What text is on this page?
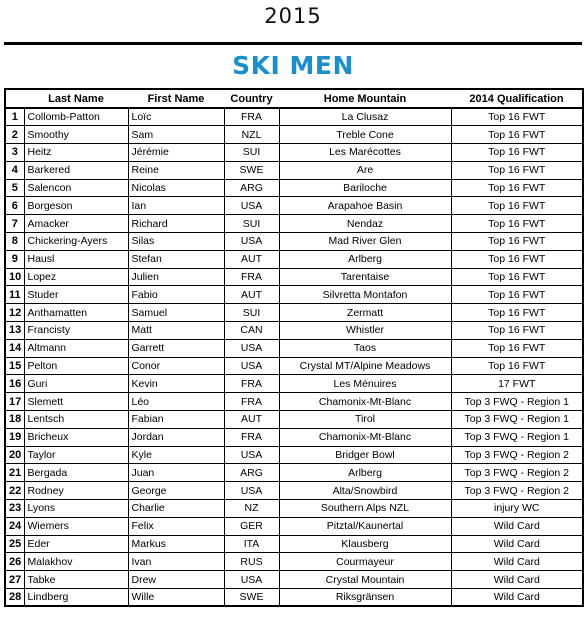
2015
SKI MEN
	Last Name	First Name	Country	Home Mountain	2014 Qualification
1	Collomb-Patton	Loïc	FRA	La Clusaz	Top 16 FWT
2	Smoothy	Sam	NZL	Treble Cone	Top 16 FWT
3	Heitz	Jérémie	SUI	Les Marécottes	Top 16 FWT
4	Barkered	Reine	SWE	Are	Top 16 FWT
5	Salencon	Nicolas	ARG	Bariloche	Top 16 FWT
6	Borgeson	Ian	USA	Arapahoe Basin	Top 16 FWT
7	Amacker	Richard	SUI	Nendaz	Top 16 FWT
8	Chickering-Ayers	Silas	USA	Mad River Glen	Top 16 FWT
9	Hausl	Stefan	AUT	Arlberg	Top 16 FWT
10	Lopez	Julien	FRA	Tarentaise	Top 16 FWT
11	Studer	Fabio	AUT	Silvretta Montafon	Top 16 FWT
12	Anthamatten	Samuel	SUI	Zermatt	Top 16 FWT
13	Francisty	Matt	CAN	Whistler	Top 16 FWT
14	Altmann	Garrett	USA	Taos	Top 16 FWT
15	Pelton	Conor	USA	Crystal MT/Alpine Meadows	Top 16 FWT
16	Guri	Kevin	FRA	Les Ménuires	17 FWT
17	Slemett	Léo	FRA	Chamonix-Mt-Blanc	Top 3 FWQ - Region 1
18	Lentsch	Fabian	AUT	Tirol	Top 3 FWQ - Region 1
19	Bricheux	Jordan	FRA	Chamonix-Mt-Blanc	Top 3 FWQ - Region 1
20	Taylor	Kyle	USA	Bridger Bowl	Top 3 FWQ - Region 2
21	Bergada	Juan	ARG	Arlberg	Top 3 FWQ - Region 2
22	Rodney	George	USA	Alta/Snowbird	Top 3 FWQ - Region 2
23	Lyons	Charlie	NZ	Southern Alps NZL	injury WC
24	Wiemers	Felix	GER	Pitztal/Kaunertal	Wild Card
25	Eder	Markus	ITA	Klausberg	Wild Card
26	Malakhov	Ivan	RUS	Courmayeur	Wild Card
27	Tabke	Drew	USA	Crystal Mountain	Wild Card
28	Lindberg	Wille	SWE	Riksgränsen	Wild Card
